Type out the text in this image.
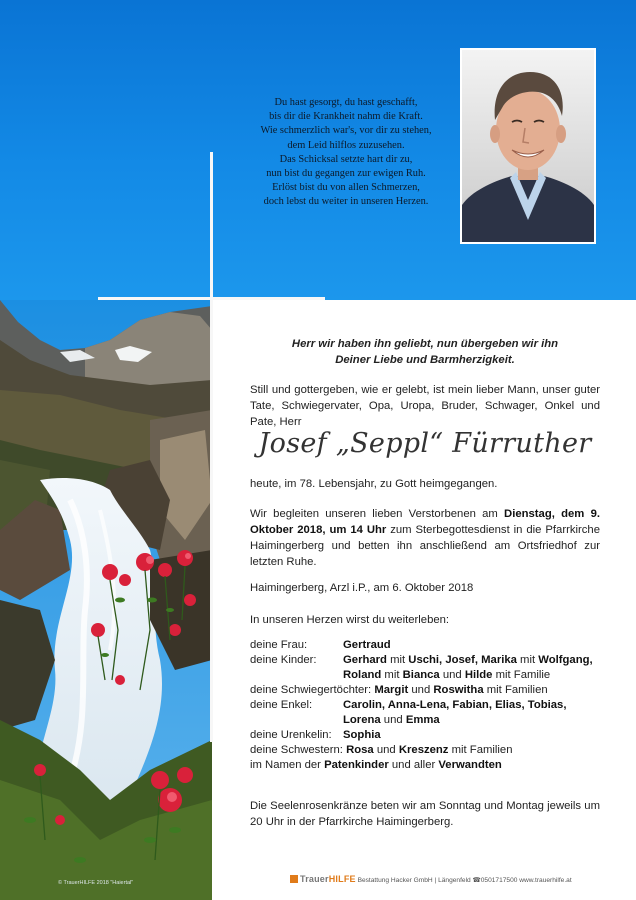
Du hast gesorgt, du hast geschafft,
bis dir die Krankheit nahm die Kraft.
Wie schmerzlich war's, vor dir zu stehen,
dem Leid hilflos zuzusehen.
Das Schicksal setzte hart dir zu,
nun bist du gegangen zur ewigen Ruh.
Erlöst bist du von allen Schmerzen,
doch lebst du weiter in unseren Herzen.
Herr wir haben ihn geliebt, nun übergeben wir ihn
Deiner Liebe und Barmherzigkeit.
Still und gottergeben, wie er gelebt, ist mein lieber Mann, unser guter Tate, Schwiegervater, Opa, Uropa, Bruder, Schwager, Onkel und Pate, Herr
Josef „Seppl“ Fürruther
heute, im 78. Lebensjahr, zu Gott heimgegangen.
Wir begleiten unseren lieben Verstorbenen am Dienstag, dem 9. Oktober 2018, um 14 Uhr zum Sterbegottesdienst in die Pfarrkirche Haimingerberg und betten ihn anschließend am Ortsfriedhof zur letzten Ruhe.
Haimingerberg, Arzl i.P., am 6. Oktober 2018
In unseren Herzen wirst du weiterleben:
deine Frau:	Gertraud
deine Kinder: Gerhard mit Uschi, Josef, Marika mit Wolfgang,
Roland mit Bianca und Hilde mit Familie
deine Schwiegertöchter: Margit und Roswitha mit Familien
deine Enkel:	Carolin, Anna-Lena, Fabian, Elias, Tobias,
Lorena und Emma
deine Urenkelin: Sophia
deine Schwestern: Rosa und Kreszenz mit Familien
im Namen der Patenkinder und aller Verwandten
Die Seelenrosenkränze beten wir am Sonntag und Montag jeweils um 20 Uhr in der Pfarrkirche Haimingerberg.
TrauerHILFE Bestattung Hacker GmbH | Längenfeld ☎0501717500 www.trauerhilfe.at
© TrauerHILFE 2018 "Haiertal"
